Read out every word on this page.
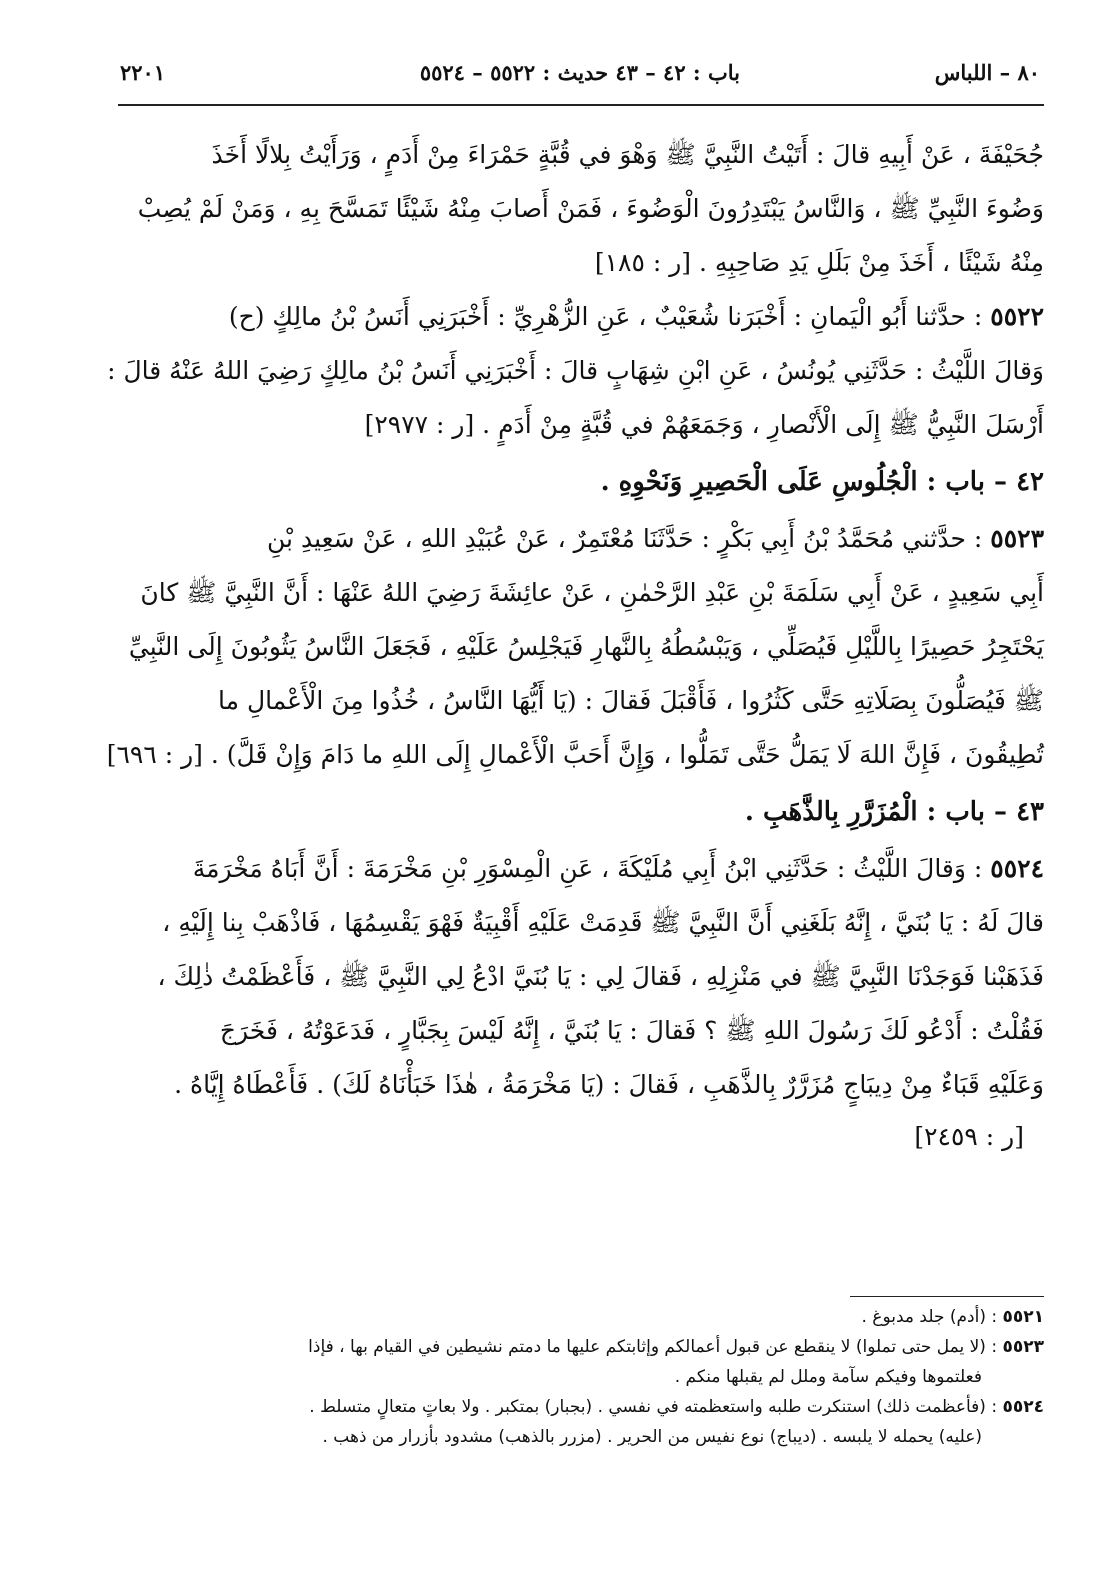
٨٠ – اللباس
باب : ٤٢ – ٤٣ حديث : ٥٥٢٢ – ٥٥٢٤
٢٢٠١
جُحَيْفَةَ ، عَنْ أَبِيهِ قالَ : أَتَيْتُ النَّبِيَّ ﷺ وَهْوَ في قُبَّةٍ حَمْرَاءَ مِنْ أَدَمٍ ، وَرَأَيْتُ بِلالًا أَخَذَ
وَضُوءَ النَّبِيِّ ﷺ ، وَالنَّاسُ يَبْتَدِرُونَ الْوَضُوءَ ، فَمَنْ أَصابَ مِنْهُ شَيْئًا تَمَسَّحَ بِهِ ، وَمَنْ لَمْ يُصِبْ
مِنْهُ شَيْئًا ، أَخَذَ مِنْ بَلَلِ يَدِ صَاحِبِهِ . [ر : ١٨٥]
٥٥٢٢ : حدَّثنا أَبُو الْيَمانِ : أَخْبَرَنا شُعَيْبٌ ، عَنِ الزُّهْرِيِّ : أَخْبَرَنِي أَنَسُ بْنُ مالِكٍ (ح)
وَقالَ اللَّيْثُ : حَدَّثَنِي يُونُسُ ، عَنِ ابْنِ شِهَابٍ قالَ : أَخْبَرَنِي أَنَسُ بْنُ مالِكٍ رَضِيَ اللهُ عَنْهُ قالَ :
أَرْسَلَ النَّبِيُّ ﷺ إِلَى الْأَنْصارِ ، وَجَمَعَهُمْ في قُبَّةٍ مِنْ أَدَمٍ . [ر : ٢٩٧٧]
٤٢ – باب : الْجُلُوسِ عَلَى الْحَصِيرِ وَنَحْوِهِ .
٥٥٢٣ : حدَّثني مُحَمَّدُ بْنُ أَبِي بَكْرٍ : حَدَّثَنَا مُعْتَمِرٌ ، عَنْ عُبَيْدِ اللهِ ، عَنْ سَعِيدِ بْنِ
أَبِي سَعِيدٍ ، عَنْ أَبِي سَلَمَةَ بْنِ عَبْدِ الرَّحْمٰنِ ، عَنْ عائِشَةَ رَضِيَ اللهُ عَنْهَا : أَنَّ النَّبِيَّ ﷺ كانَ
يَحْتَجِرُ حَصِيرًا بِاللَّيْلِ فَيُصَلِّي ، وَيَبْسُطُهُ بِالنَّهارِ فَيَجْلِسُ عَلَيْهِ ، فَجَعَلَ النَّاسُ يَثُوبُونَ إِلَى النَّبِيِّ
ﷺ فَيُصَلُّونَ بِصَلَاتِهِ حَتَّى كَثُرُوا ، فَأَقْبَلَ فَقالَ : (يَا أَيُّهَا النَّاسُ ، خُذُوا مِنَ الْأَعْمالِ ما
تُطِيقُونَ ، فَإِنَّ اللهَ لَا يَمَلُّ حَتَّى تَمَلُّوا ، وَإِنَّ أَحَبَّ الْأَعْمالِ إِلَى اللهِ ما دَامَ وَإِنْ قَلَّ) . [ر : ٦٩٦]
٤٣ – باب : الْمُزَرَّرِ بِالذَّهَبِ .
٥٥٢٤ : وَقالَ اللَّيْثُ : حَدَّثَنِي ابْنُ أَبِي مُلَيْكَةَ ، عَنِ الْمِسْوَرِ بْنِ مَخْرَمَةَ : أَنَّ أَبَاهُ مَخْرَمَةَ
قالَ لَهُ : يَا بُنَيَّ ، إِنَّهُ بَلَغَنِي أَنَّ النَّبِيَّ ﷺ قَدِمَتْ عَلَيْهِ أَقْبِيَةٌ فَهْوَ يَقْسِمُهَا ، فَاذْهَبْ بِنا إِلَيْهِ ،
فَذَهَبْنا فَوَجَدْنَا النَّبِيَّ ﷺ في مَنْزِلِهِ ، فَقالَ لِي : يَا بُنَيَّ ادْعُ لِي النَّبِيَّ ﷺ ، فَأَعْظَمْتُ ذٰلِكَ ،
فَقُلْتُ : أَدْعُو لَكَ رَسُولَ اللهِ ﷺ ؟ فَقالَ : يَا بُنَيَّ ، إِنَّهُ لَيْسَ بِجَبَّارٍ ، فَدَعَوْتُهُ ، فَخَرَجَ
وَعَلَيْهِ قَبَاءٌ مِنْ دِيبَاجٍ مُزَرَّرٌ بِالذَّهَبِ ، فَقالَ : (يَا مَخْرَمَةُ ، هٰذَا خَبَأْنَاهُ لَكَ) . فَأَعْطَاهُ إِيَّاهُ .
[ر : ٢٤٥٩]
٥٥٢١ : (أدم) جلد مدبوغ .
٥٥٢٣ : (لا يمل حتى تملوا) لا ينقطع عن قبول أعمالكم وإثابتكم عليها ما دمتم نشيطين في القيام بها ، فإذا
فعلتموها وفيكم سآمة وملل لم يقبلها منكم .
٥٥٢٤ : (فأعظمت ذلك) استنكرت طلبه واستعظمته في نفسي . (بجبار) بمتكبر . ولا بعاتٍ متعالٍ متسلط .
(عليه) يحمله لا يلبسه . (ديباج) نوع نفيس من الحرير . (مزرر بالذهب) مشدود بأزرار من ذهب .
